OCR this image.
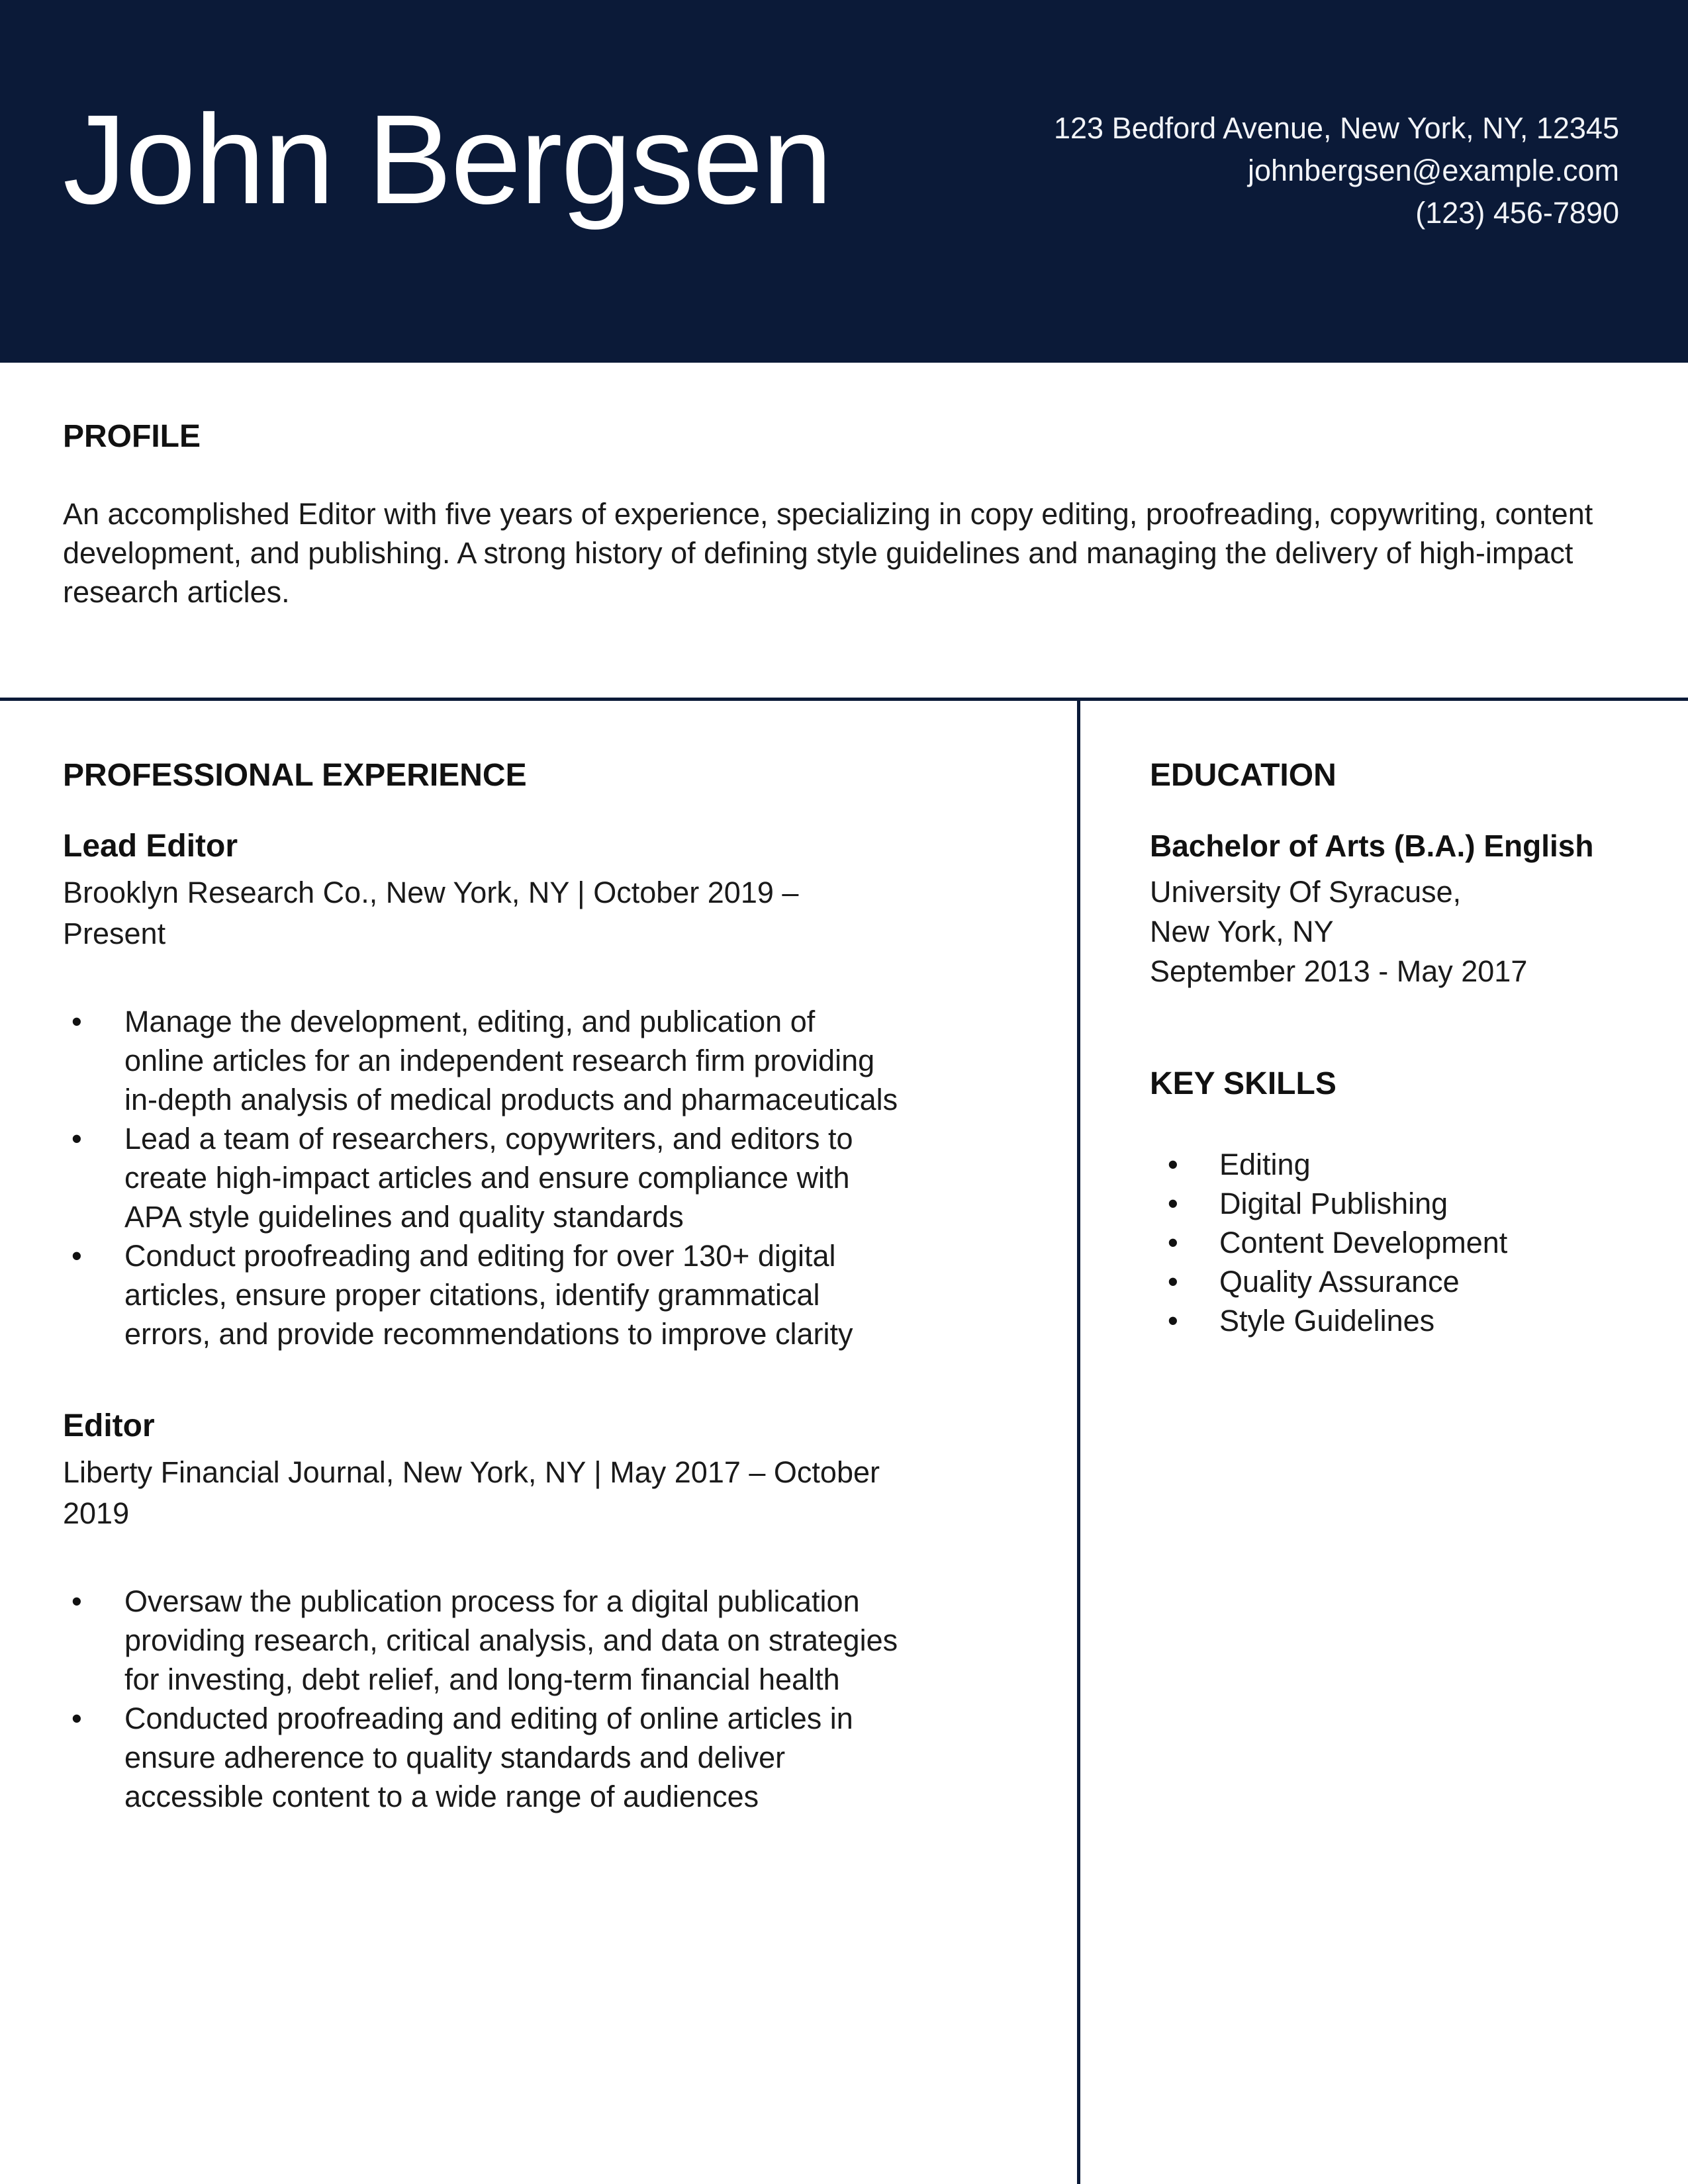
John Bergsen	123 Bedford Avenue, New York, NY, 12345
johnbergsen@example.com
(123) 456-7890
PROFILE

An accomplished Editor with five years of experience, specializing in copy editing, proofreading, copywriting, content development, and publishing. A strong history of defining style guidelines and managing the delivery of high-impact research articles.

PROFESSIONAL EXPERIENCE
Lead Editor

Brooklyn Research Co., New York, NY | October 2019 –
Present

• Manage the development, editing, and publication of online articles for an independent research firm providing in-depth analysis of medical products and pharmaceuticals
• Lead a team of researchers, copywriters, and editors to create high-impact articles and ensure compliance with APA style guidelines and quality standards
• Conduct proofreading and editing for over 130+ digital articles, ensure proper citations, identify grammatical errors, and provide recommendations to improve clarity
Editor

Liberty Financial Journal, New York, NY | May 2017 – October
2019

• Oversaw the publication process for a digital publication providing research, critical analysis, and data on strategies for investing, debt relief, and long-term financial health
• Conducted proofreading and editing of online articles in ensure adherence to quality standards and deliver accessible content to a wide range of audiences
EDUCATION

Bachelor of Arts (B.A.) English

University Of Syracuse,

New York, NY

September 2013 - May 2017

KEY SKILLS
• Editing
• Digital Publishing
• Content Development
• Quality Assurance
• Style Guidelines
